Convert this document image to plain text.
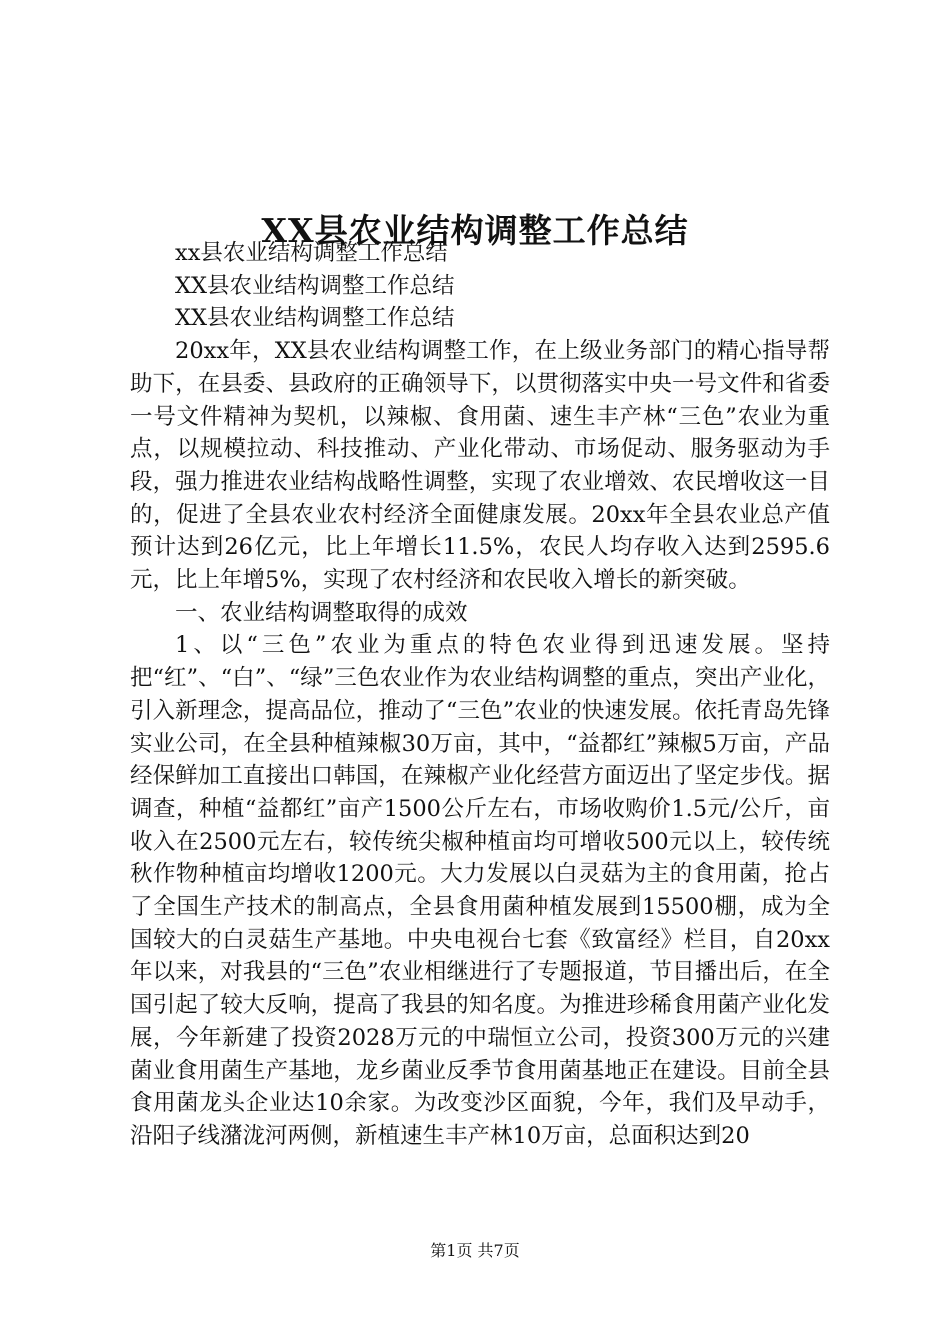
XX县农业结构调整工作总结

xx县农业结构调整工作总结

XX县农业结构调整工作总结

XX县农业结构调整工作总结

20xx年，XX县农业结构调整工作，在上级业务部门的精心指导帮助下，在县委、县政府的正确领导下，以贯彻落实中央一号文件和省委一号文件精神为契机，以辣椒、食用菌、速生丰产林“三色”农业为重点，以规模拉动、科技推动、产业化带动、市场促动、服务驱动为手段，强力推进农业结构战略性调整，实现了农业增效、农民增收这一目的，促进了全县农业农村经济全面健康发展。20xx年全县农业总产值预计达到26亿元，比上年增长11.5%，农民人均存收入达到2595.6元，比上年增5%，实现了农村经济和农民收入增长的新突破。

一、农业结构调整取得的成效

1、以“三色”农业为重点的特色农业得到迅速发展。坚持把“红”、“白”、“绿”三色农业作为农业结构调整的重点，突出产业化，引入新理念，提高品位，推动了“三色”农业的快速发展。依托青岛先锋实业公司，在全县种植辣椒30万亩，其中，“益都红”辣椒5万亩，产品经保鲜加工直接出口韩国，在辣椒产业化经营方面迈出了坚定步伐。据调查，种植“益都红”亩产1500公斤左右，市场收购价1.5元/公斤，亩收入在2500元左右，较传统尖椒种植亩均可增收500元以上，较传统秋作物种植亩均增收1200元。大力发展以白灵菇为主的食用菌，抢占了全国生产技术的制高点，全县食用菌种植发展到15500棚，成为全国较大的白灵菇生产基地。中央电视台七套《致富经》栏目，自20xx年以来，对我县的“三色”农业相继进行了专题报道，节目播出后，在全国引起了较大反响，提高了我县的知名度。为推进珍稀食用菌产业化发展，今年新建了投资2028万元的中瑞恒立公司，投资300万元的兴建菌业食用菌生产基地，龙乡菌业反季节食用菌基地正在建设。目前全县食用菌龙头企业达10余家。为改变沙区面貌，今年，我们及早动手，沿阳子线潴泷河两侧，新植速生丰产林10万亩，总面积达到20

第1页 共7页
